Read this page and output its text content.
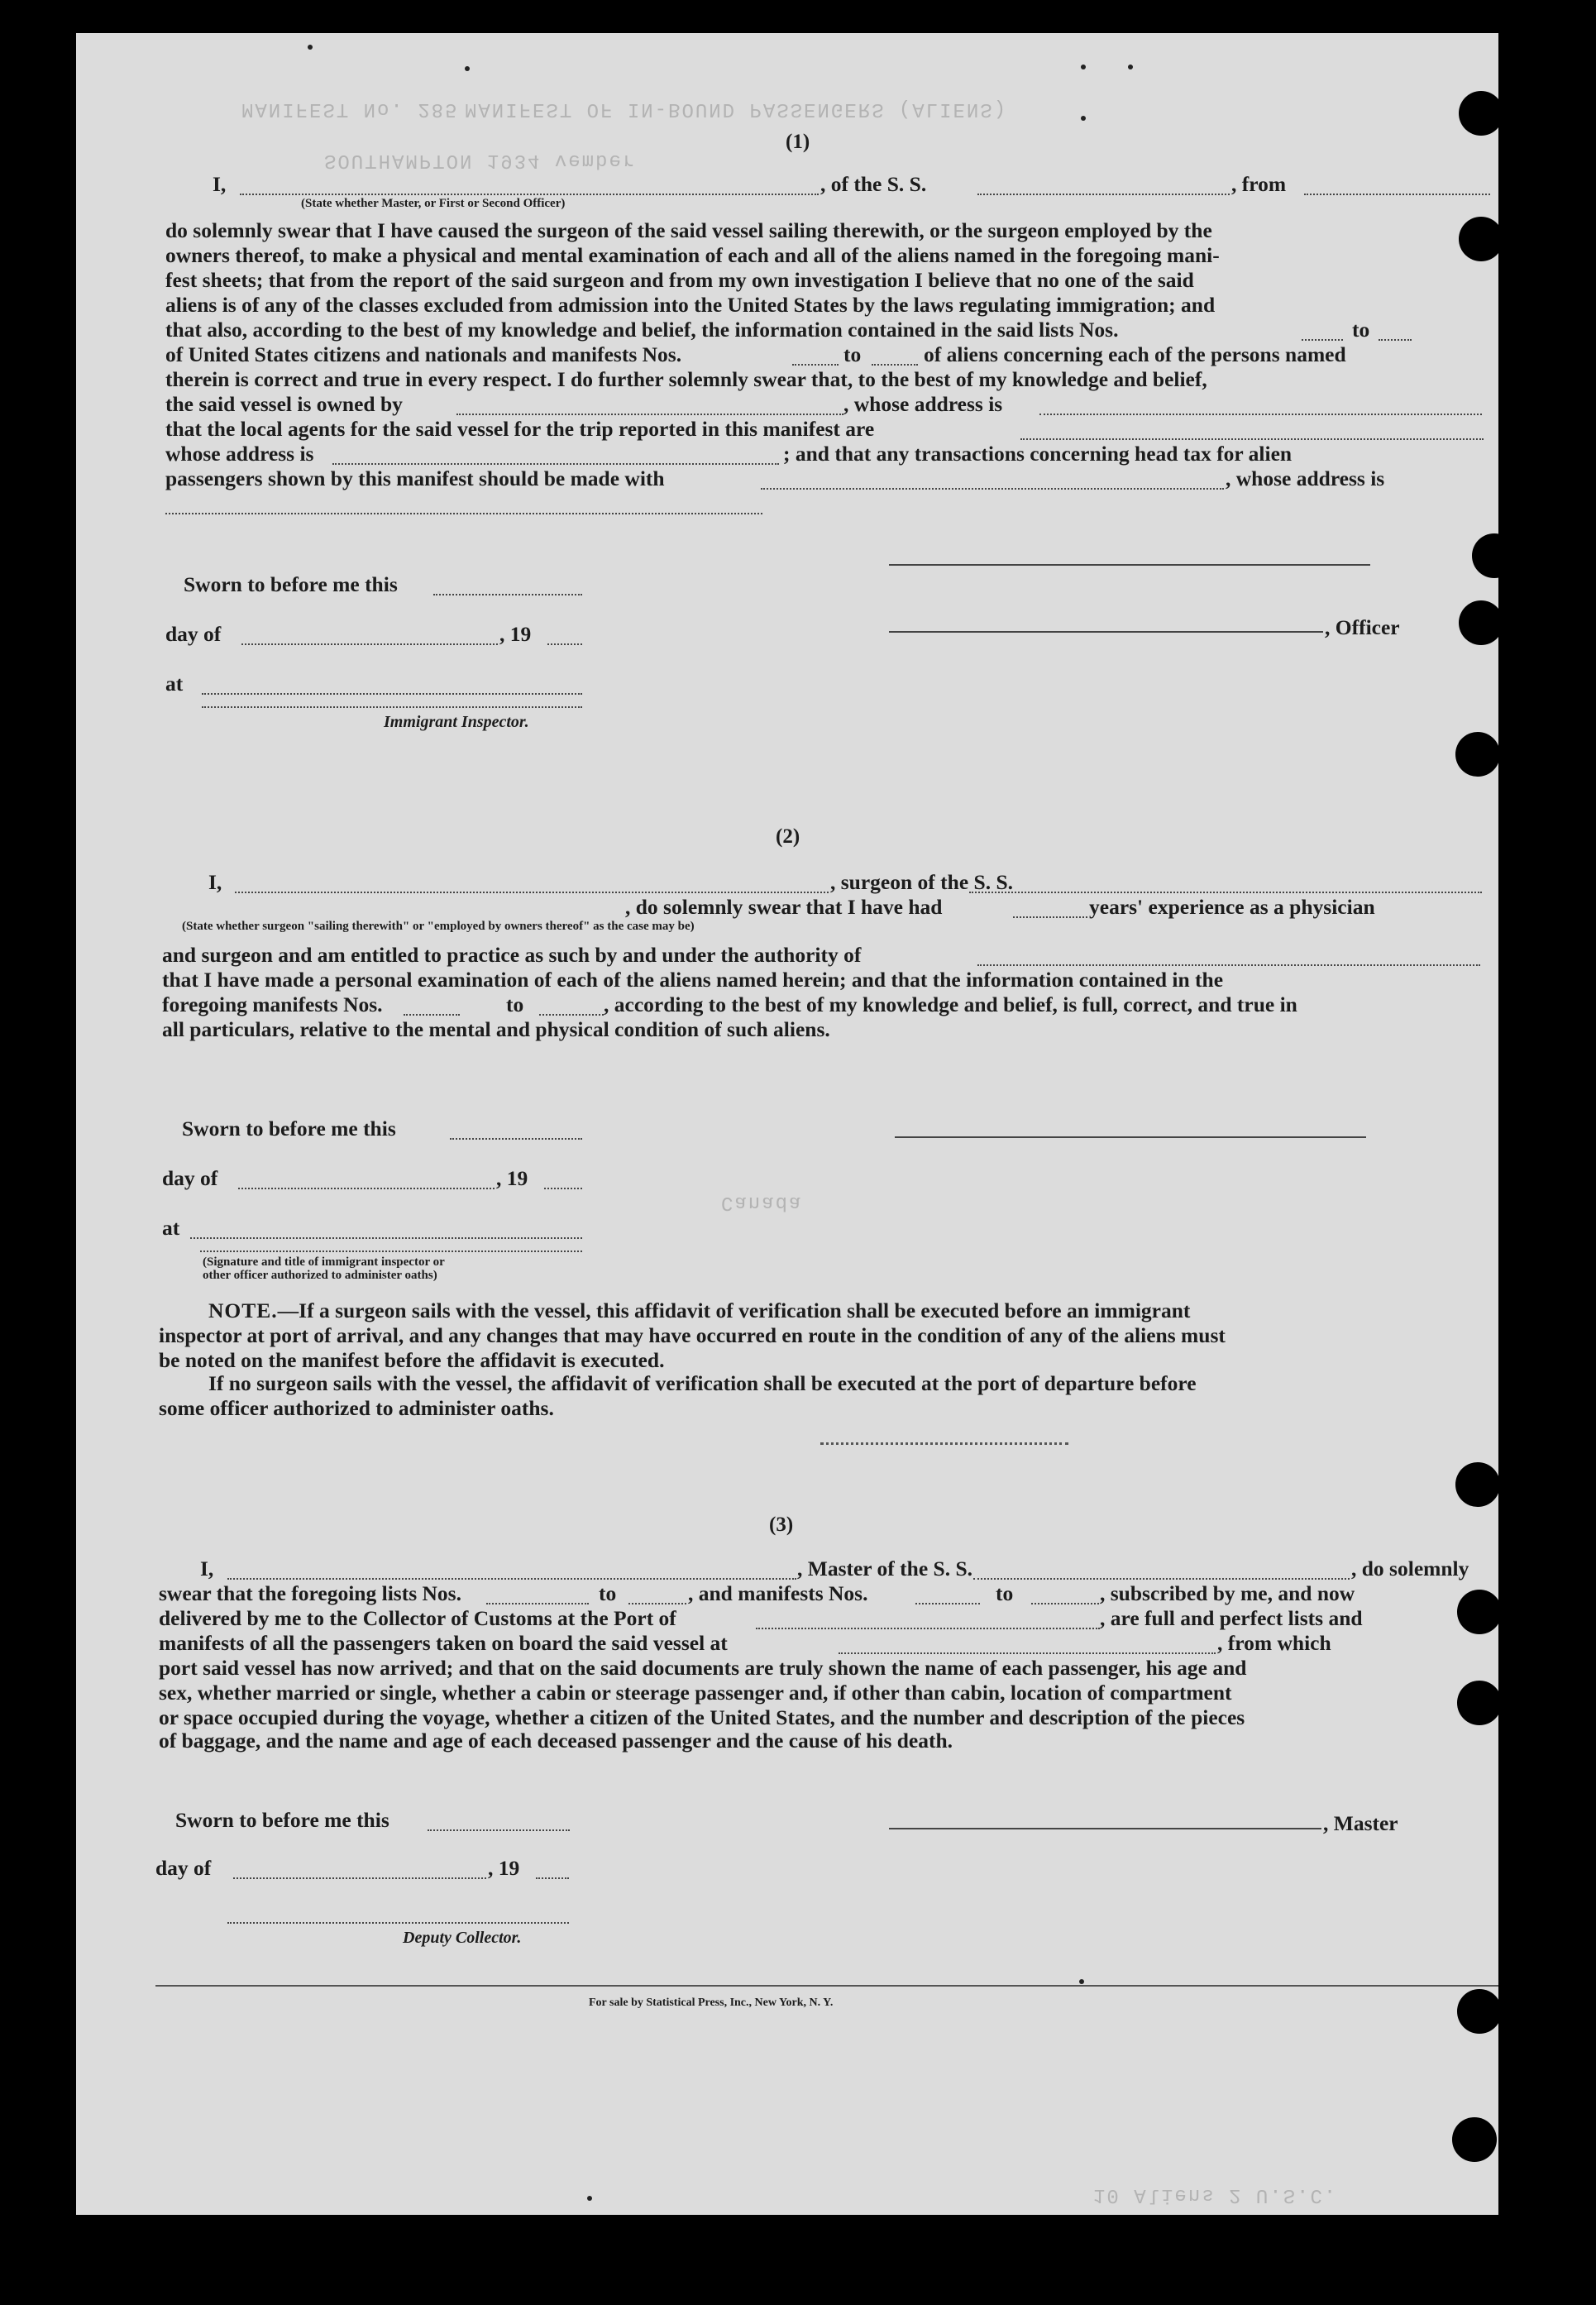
MANIFEST No. 285 MANIFEST OF IN-BOUND PASSENGERS (ALIENS)
SOUTHAMPTON 1934 vember
10 Aliens 2 U.S.C.
Canada
(1)
I,	, of the S. S.	, from
(State whether Master, or First or Second Officer)
do solemnly swear that I have caused the surgeon of the said vessel sailing therewith, or the surgeon employed by the
owners thereof, to make a physical and mental examination of each and all of the aliens named in the foregoing mani-
fest sheets; that from the report of the said surgeon and from my own investigation I believe that no one of the said
aliens is of any of the classes excluded from admission into the United States by the laws regulating immigration; and
that also, according to the best of my knowledge and belief, the information contained in the said lists Nos.	to
of United States citizens and nationals and manifests Nos.	to	of aliens concerning each of the persons named
therein is correct and true in every respect. I do further solemnly swear that, to the best of my knowledge and belief,
the said vessel is owned by	, whose address is
that the local agents for the said vessel for the trip reported in this manifest are
whose address is	; and that any transactions concerning head tax for alien
passengers shown by this manifest should be made with	, whose address is
Sworn to before me this
day of	, 19	, Officer
at
Immigrant Inspector.
(2)
I,	, surgeon of the S. S.
, do solemnly swear that I have had	years' experience as a physician
(State whether surgeon "sailing therewith" or "employed by owners thereof" as the case may be)
and surgeon and am entitled to practice as such by and under the authority of
that I have made a personal examination of each of the aliens named herein; and that the information contained in the
foregoing manifests Nos.	to	, according to the best of my knowledge and belief, is full, correct, and true in
all particulars, relative to the mental and physical condition of such aliens.
Sworn to before me this
day of	, 19
at
(Signature and title of immigrant inspector or
other officer authorized to administer oaths)
NOTE.—If a surgeon sails with the vessel, this affidavit of verification shall be executed before an immigrant
inspector at port of arrival, and any changes that may have occurred en route in the condition of any of the aliens must
be noted on the manifest before the affidavit is executed.
If no surgeon sails with the vessel, the affidavit of verification shall be executed at the port of departure before
some officer authorized to administer oaths.
(3)
I,	, Master of the S. S.	, do solemnly
swear that the foregoing lists Nos.	to	, and manifests Nos.	to	, subscribed by me, and now
delivered by me to the Collector of Customs at the Port of	, are full and perfect lists and
manifests of all the passengers taken on board the said vessel at	, from which
port said vessel has now arrived; and that on the said documents are truly shown the name of each passenger, his age and
sex, whether married or single, whether a cabin or steerage passenger and, if other than cabin, location of compartment
or space occupied during the voyage, whether a citizen of the United States, and the number and description of the pieces
of baggage, and the name and age of each deceased passenger and the cause of his death.
Sworn to before me this	, Master
day of	, 19
Deputy Collector.
For sale by Statistical Press, Inc., New York, N. Y.
